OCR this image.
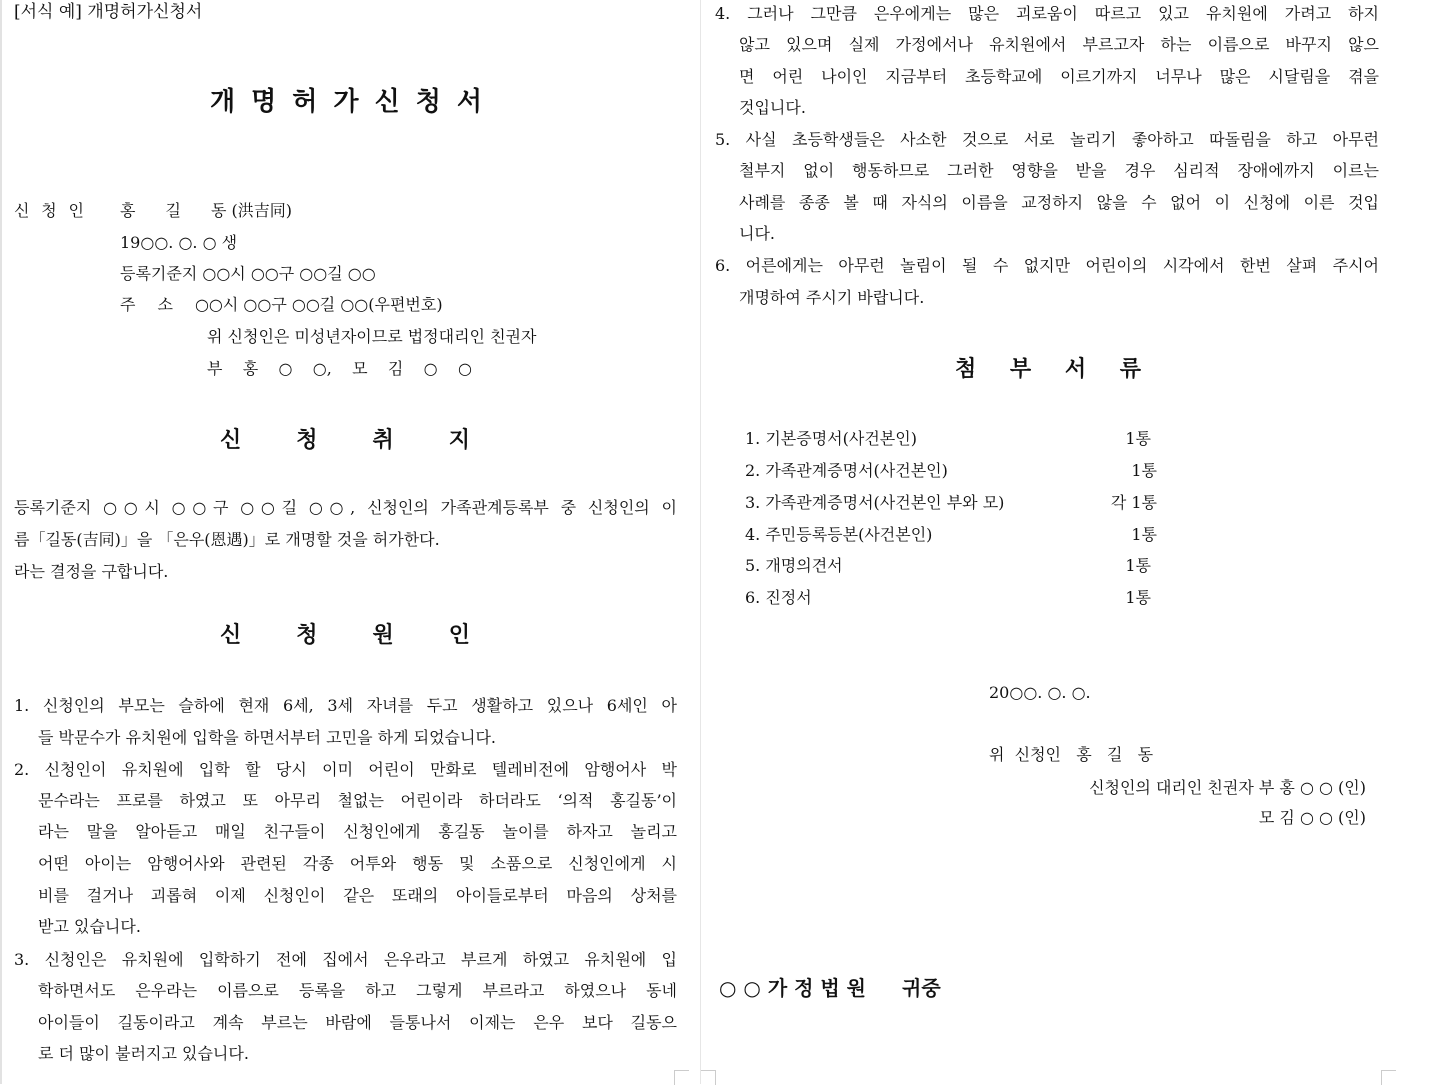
[서식 예] 개명허가신청서
개 명 허 가 신 청 서
신 청 인 홍 길 동 (洪吉同)
19○○. ○. ○ 생
등록기준지 ○○시 ○○구 ○○길 ○○
주 소 ○○시 ○○구 ○○길 ○○(우편번호)
위 신청인은 미성년자이므로 법정대리인 친권자
부 홍 ○ ○, 모 김 ○ ○
신 청 취 지
등록기준지 ○○시 ○○구 ○○길 ○○, 신청인의 가족관계등록부 중 신청인의 이
름「길동(吉同)」을 「은우(恩遇)」로 개명할 것을 허가한다.
라는 결정을 구합니다.
신 청 원 인
1. 신청인의 부모는 슬하에 현재 6세, 3세 자녀를 두고 생활하고 있으나 6세인 아
들 박문수가 유치원에 입학을 하면서부터 고민을 하게 되었습니다.
2. 신청인이 유치원에 입학 할 당시 이미 어린이 만화로 텔레비전에 암행어사 박
문수라는 프로를 하였고 또 아무리 철없는 어린이라 하더라도 ‘의적 홍길동’이
라는 말을 알아듣고 매일 친구들이 신청인에게 홍길동 놀이를 하자고 놀리고
어떤 아이는 암행어사와 관련된 각종 어투와 행동 및 소품으로 신청인에게 시
비를 걸거나 괴롭혀 이제 신청인이 같은 또래의 아이들로부터 마음의 상처를
받고 있습니다.
3. 신청인은 유치원에 입학하기 전에 집에서 은우라고 부르게 하였고 유치원에 입
학하면서도 은우라는 이름으로 등록을 하고 그렇게 부르라고 하였으나 동네
아이들이 길동이라고 계속 부르는 바람에 들통나서 이제는 은우 보다 길동으
로 더 많이 불러지고 있습니다.
4. 그러나 그만큼 은우에게는 많은 괴로움이 따르고 있고 유치원에 가려고 하지
않고 있으며 실제 가정에서나 유치원에서 부르고자 하는 이름으로 바꾸지 않으
면 어린 나이인 지금부터 초등학교에 이르기까지 너무나 많은 시달림을 겪을
것입니다.
5. 사실 초등학생들은 사소한 것으로 서로 놀리기 좋아하고 따돌림을 하고 아무런
철부지 없이 행동하므로 그러한 영향을 받을 경우 심리적 장애에까지 이르는
사례를 종종 볼 때 자식의 이름을 교정하지 않을 수 없어 이 신청에 이른 것입
니다.
6. 어른에게는 아무런 놀림이 될 수 없지만 어린이의 시각에서 한번 살펴 주시어
개명하여 주시기 바랍니다.
첨 부 서 류
1. 기본증명서(사건본인)	1통
2. 가족관계증명서(사건본인)	1통
3. 가족관계증명서(사건본인 부와 모)	각 1통
4. 주민등록등본(사건본인)	1통
5. 개명의견서	1통
6. 진정서	1통
20○○. ○. ○.
위  신청인   홍   길   동
신청인의 대리인 친권자 부 홍 ○ ○ (인)
모 김 ○ ○ (인)
○ ○ 가 정 법 원 귀중
